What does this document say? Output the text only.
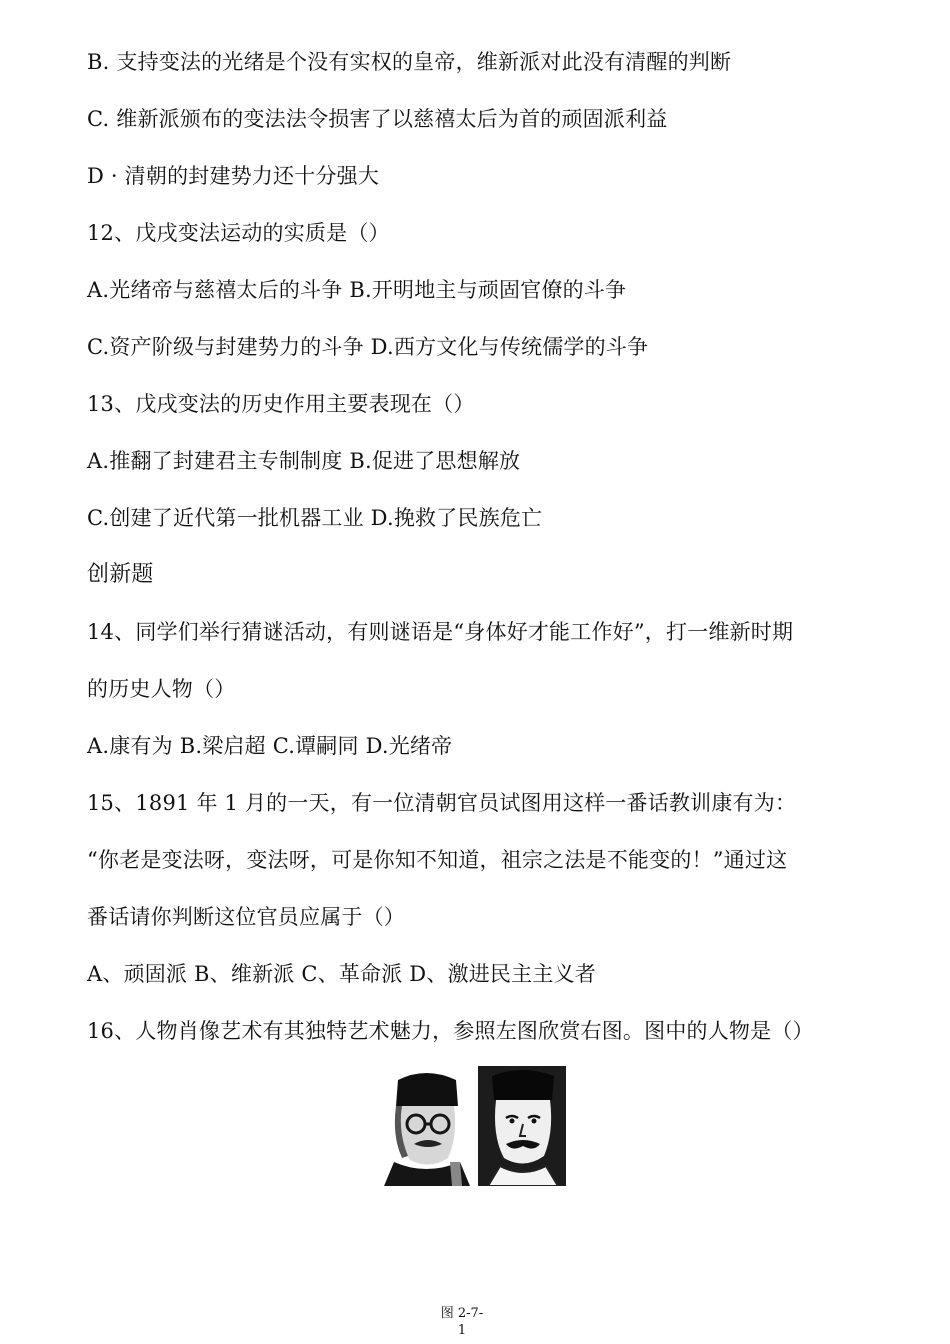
B. 支持变法的光绪是个没有实权的皇帝，维新派对此没有清醒的判断
C. 维新派颁布的变法法令损害了以慈禧太后为首的顽固派利益
D · 清朝的封建势力还十分强大
12、戊戌变法运动的实质是（）
A.光绪帝与慈禧太后的斗争 B.开明地主与顽固官僚的斗争
C.资产阶级与封建势力的斗争 D.西方文化与传统儒学的斗争
13、戊戌变法的历史作用主要表现在（）
A.推翻了封建君主专制制度 B.促进了思想解放
C.创建了近代第一批机器工业 D.挽救了民族危亡
创新题
14、同学们举行猜谜活动，有则谜语是“身体好才能工作好”，打一维新时期
的历史人物（）
A.康有为 B.梁启超 C.谭嗣同 D.光绪帝
15、1891 年 1 月的一天，有一位清朝官员试图用这样一番话教训康有为：
“你老是变法呀，变法呀，可是你知不知道，祖宗之法是不能变的！”通过这
番话请你判断这位官员应属于（）
A、顽固派 B、维新派 C、革命派 D、激进民主主义者
16、人物肖像艺术有其独特艺术魅力，参照左图欣赏右图。图中的人物是（）
图 2-7-1
